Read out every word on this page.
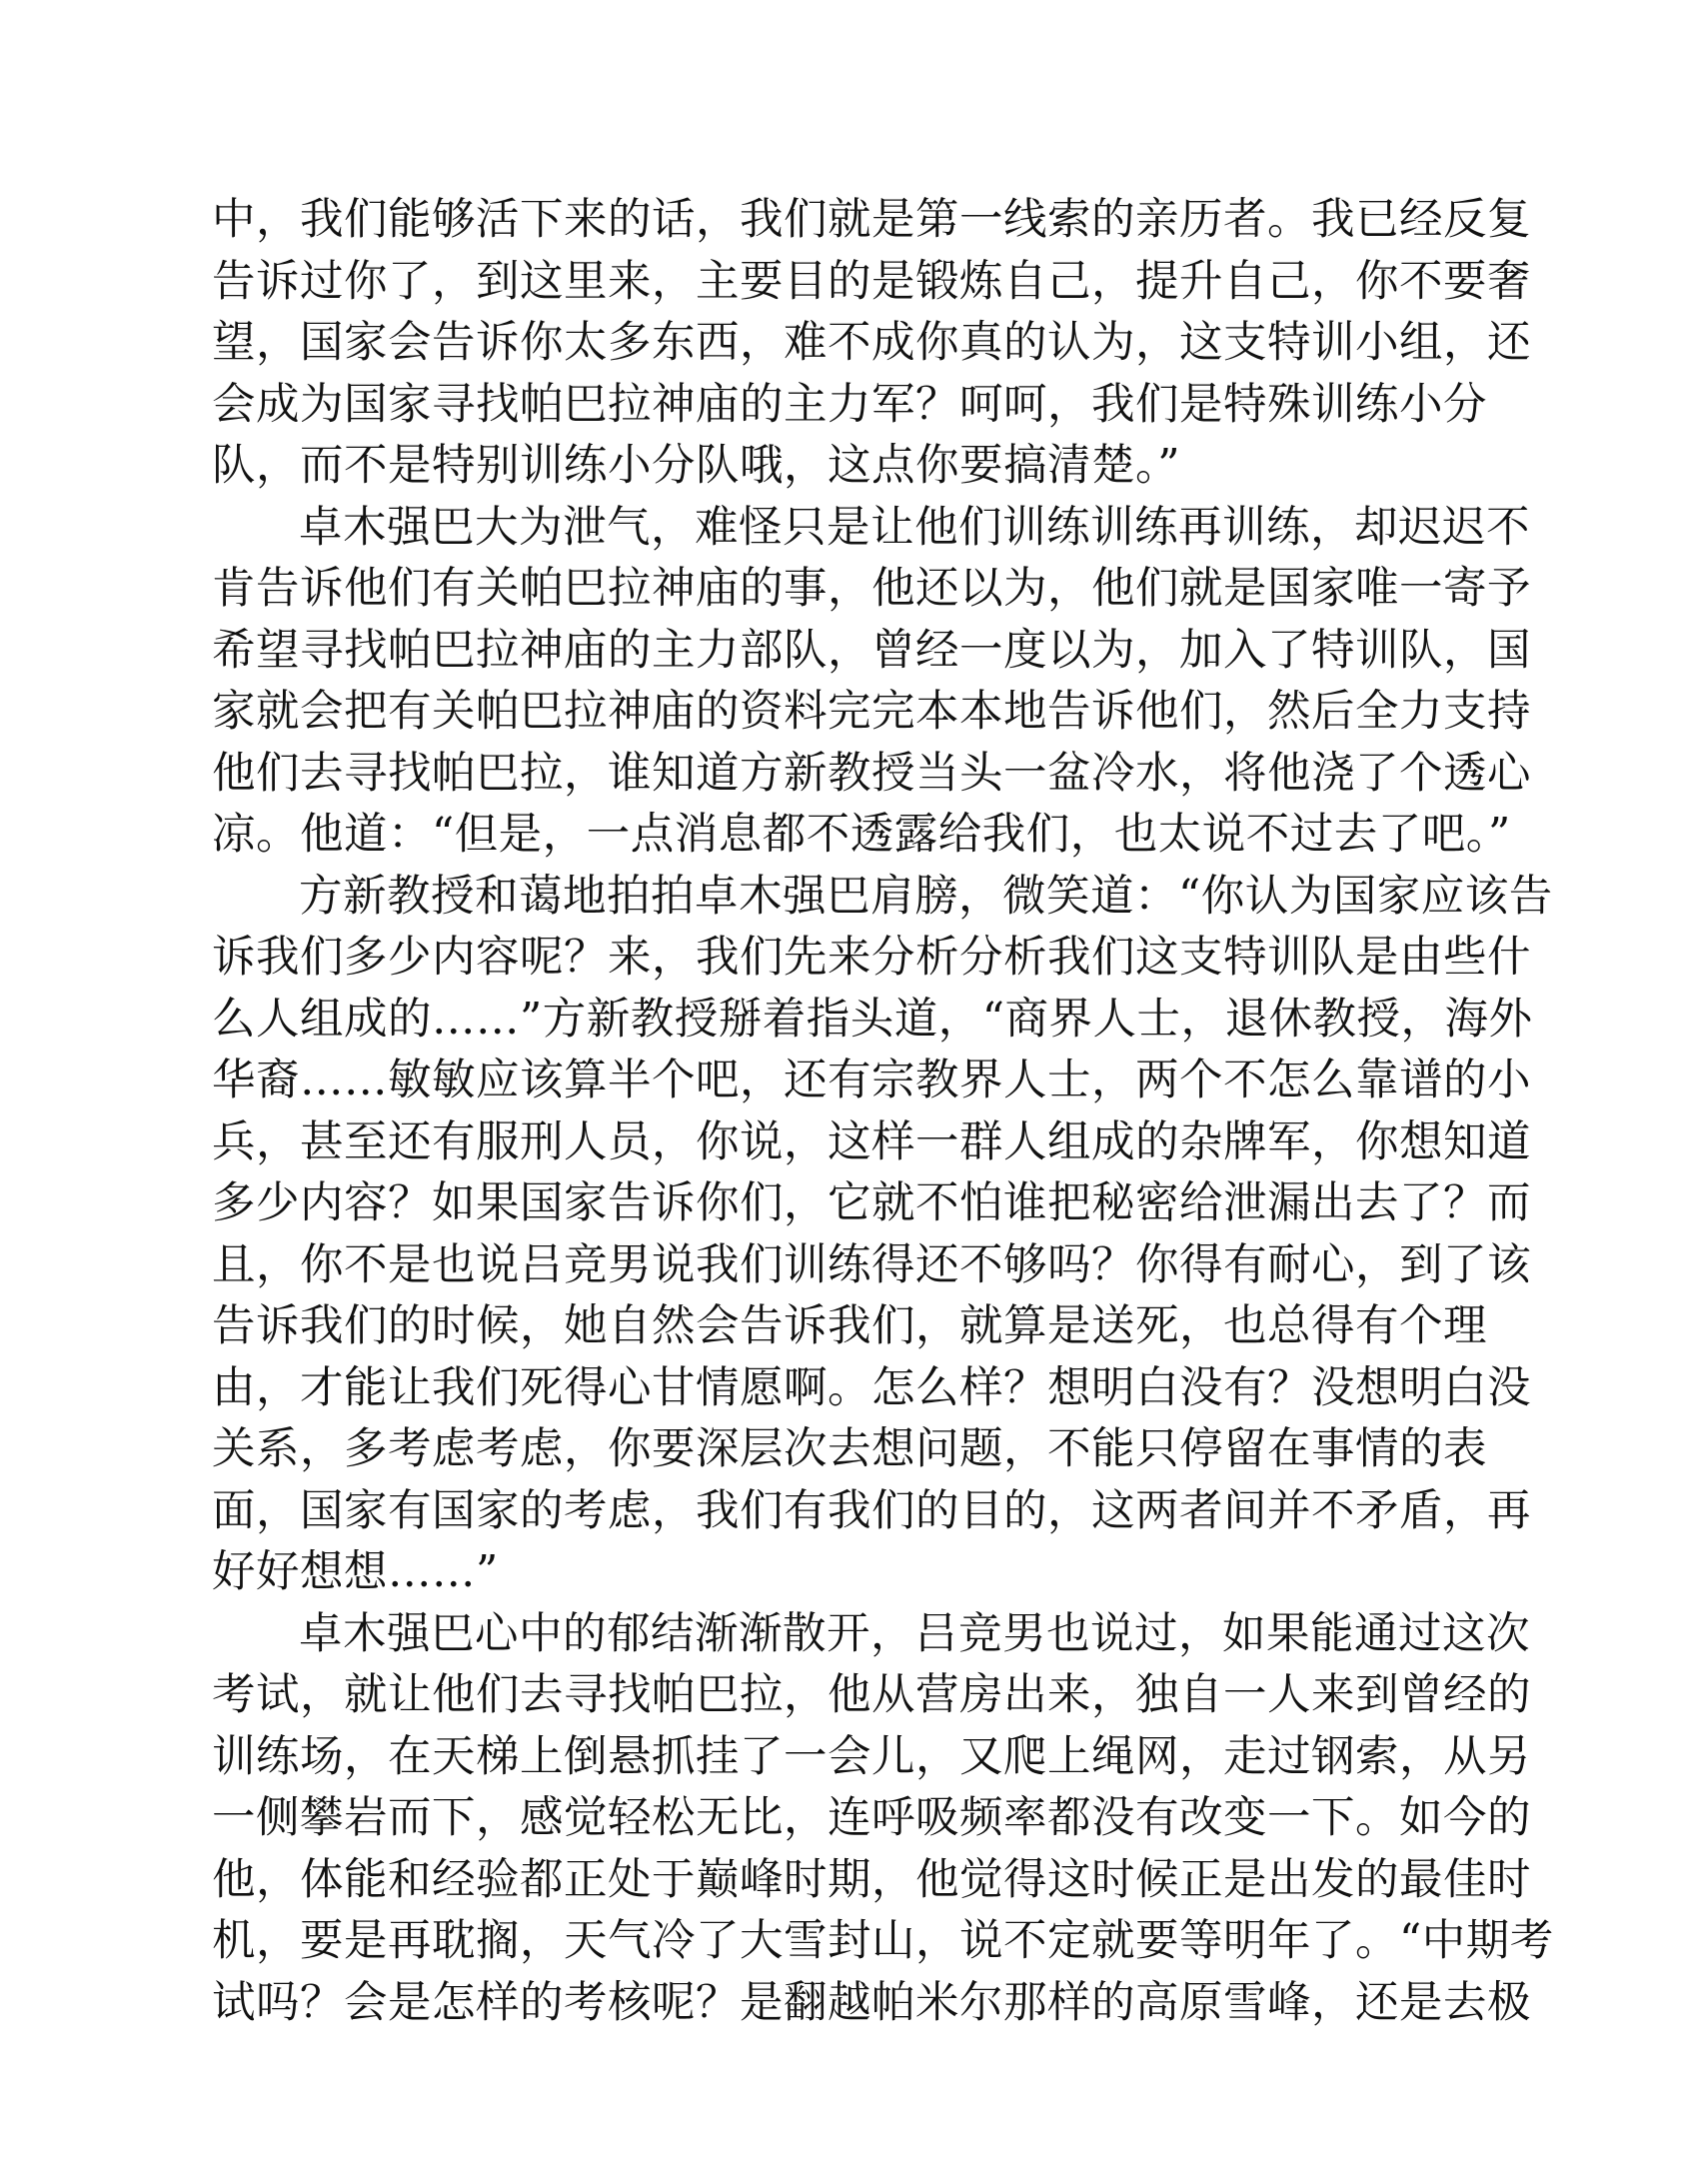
中，我们能够活下来的话，我们就是第一线索的亲历者。我已经反复
告诉过你了，到这里来，主要目的是锻炼自己，提升自己，你不要奢
望，国家会告诉你太多东西，难不成你真的认为，这支特训小组，还
会成为国家寻找帕巴拉神庙的主力军？呵呵，我们是特殊训练小分
队，而不是特别训练小分队哦，这点你要搞清楚。”

卓木强巴大为泄气，难怪只是让他们训练训练再训练，却迟迟不
肯告诉他们有关帕巴拉神庙的事，他还以为，他们就是国家唯一寄予
希望寻找帕巴拉神庙的主力部队，曾经一度以为，加入了特训队，国
家就会把有关帕巴拉神庙的资料完完本本地告诉他们，然后全力支持
他们去寻找帕巴拉，谁知道方新教授当头一盆冷水，将他浇了个透心
凉。他道：“但是，一点消息都不透露给我们，也太说不过去了吧。”

方新教授和蔼地拍拍卓木强巴肩膀，微笑道：“你认为国家应该告
诉我们多少内容呢？来，我们先来分析分析我们这支特训队是由些什
么人组成的……”方新教授掰着指头道，“商界人士，退休教授，海外
华裔……敏敏应该算半个吧，还有宗教界人士，两个不怎么靠谱的小
兵，甚至还有服刑人员，你说，这样一群人组成的杂牌军，你想知道
多少内容？如果国家告诉你们，它就不怕谁把秘密给泄漏出去了？而
且，你不是也说吕竞男说我们训练得还不够吗？你得有耐心，到了该
告诉我们的时候，她自然会告诉我们，就算是送死，也总得有个理
由，才能让我们死得心甘情愿啊。怎么样？想明白没有？没想明白没
关系，多考虑考虑，你要深层次去想问题，不能只停留在事情的表
面，国家有国家的考虑，我们有我们的目的，这两者间并不矛盾，再
好好想想……”

卓木强巴心中的郁结渐渐散开，吕竞男也说过，如果能通过这次
考试，就让他们去寻找帕巴拉，他从营房出来，独自一人来到曾经的
训练场，在天梯上倒悬抓挂了一会儿，又爬上绳网，走过钢索，从另
一侧攀岩而下，感觉轻松无比，连呼吸频率都没有改变一下。如今的
他，体能和经验都正处于巅峰时期，他觉得这时候正是出发的最佳时
机，要是再耽搁，天气冷了大雪封山，说不定就要等明年了。“中期考
试吗？会是怎样的考核呢？是翻越帕米尔那样的高原雪峰，还是去极
